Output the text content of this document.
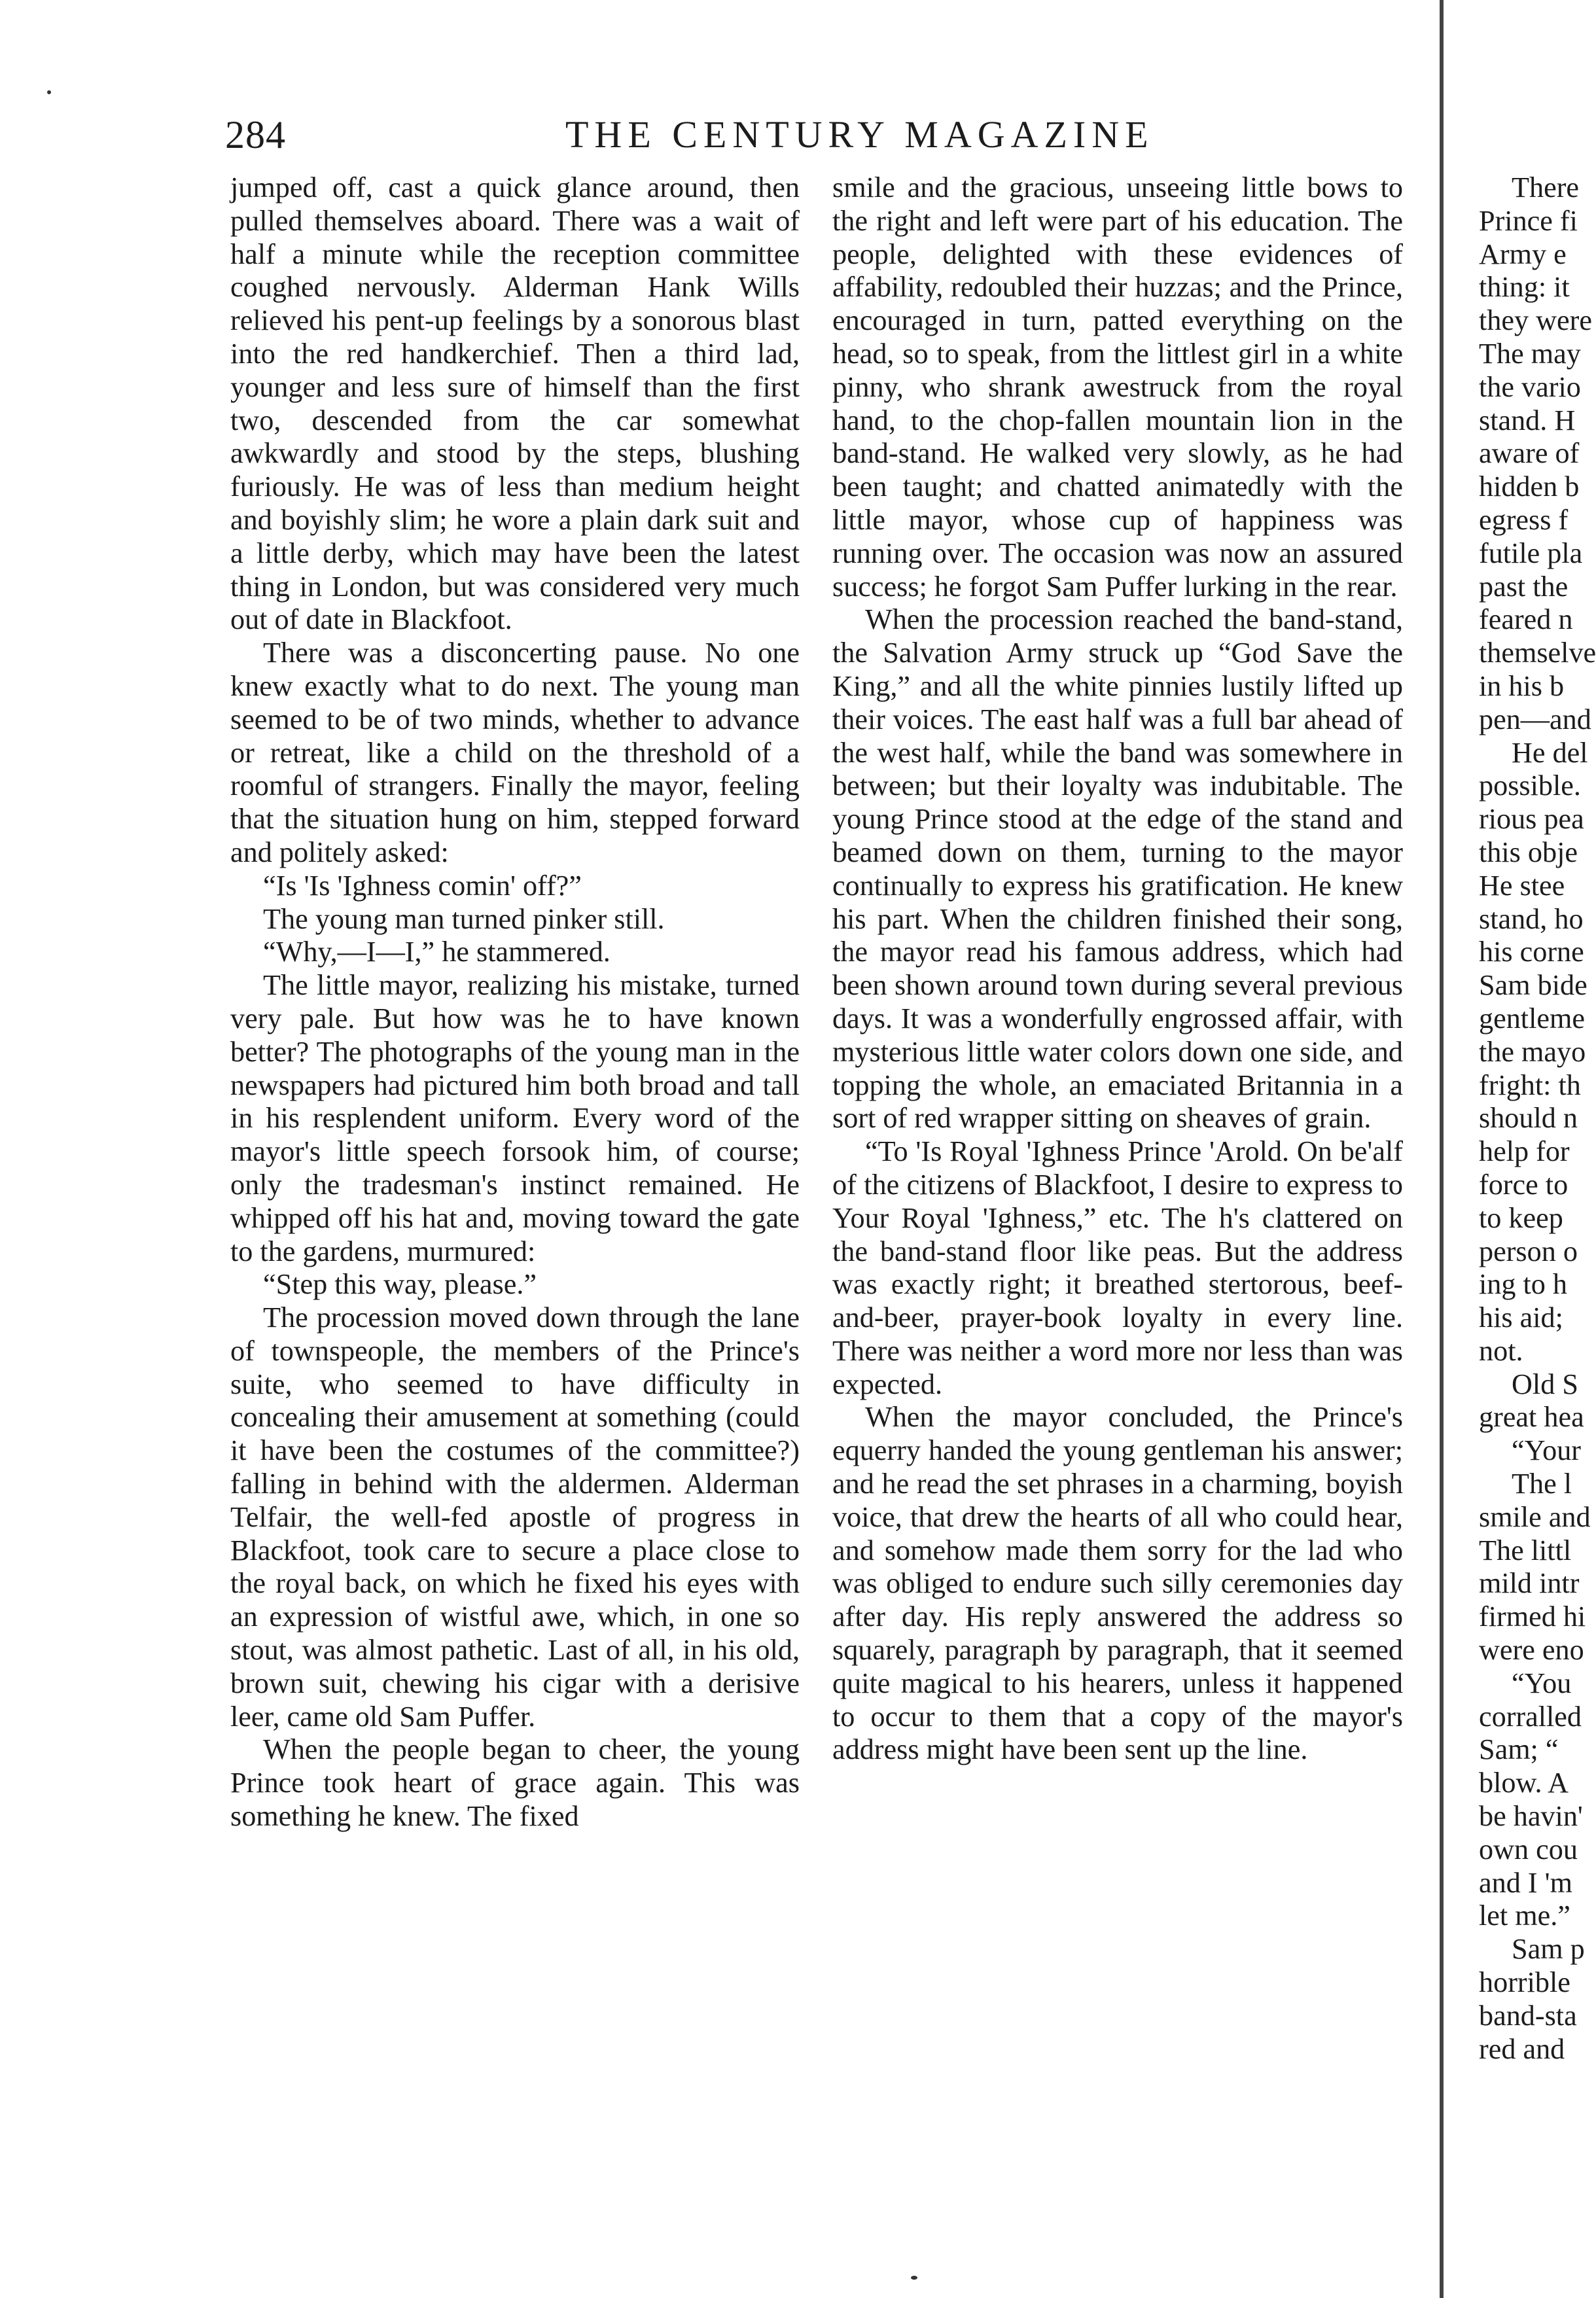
284	THE CENTURY MAGAZINE

jumped off, cast a quick glance around, then pulled themselves aboard. There was a wait of half a minute while the reception committee coughed nervously. Alderman Hank Wills relieved his pent-up feelings by a sonorous blast into the red handkerchief. Then a third lad, younger and less sure of himself than the first two, descended from the car somewhat awkwardly and stood by the steps, blushing furiously. He was of less than medium height and boyishly slim; he wore a plain dark suit and a little derby, which may have been the latest thing in London, but was considered very much out of date in Blackfoot.

There was a disconcerting pause. No one knew exactly what to do next. The young man seemed to be of two minds, whether to advance or retreat, like a child on the threshold of a roomful of strangers. Finally the mayor, feeling that the situation hung on him, stepped forward and politely asked:

“Is 'Is 'Ighness comin' off?”

The young man turned pinker still.

“Why,—I—I,” he stammered.

The little mayor, realizing his mistake, turned very pale. But how was he to have known better? The photographs of the young man in the newspapers had pictured him both broad and tall in his resplendent uniform. Every word of the mayor's little speech forsook him, of course; only the tradesman's instinct remained. He whipped off his hat and, moving toward the gate to the gardens, murmured:

“Step this way, please.”

The procession moved down through the lane of townspeople, the members of the Prince's suite, who seemed to have difficulty in concealing their amusement at something (could it have been the costumes of the committee?) falling in behind with the aldermen. Alderman Telfair, the well-fed apostle of progress in Blackfoot, took care to secure a place close to the royal back, on which he fixed his eyes with an expression of wistful awe, which, in one so stout, was almost pathetic. Last of all, in his old, brown suit, chewing his cigar with a derisive leer, came old Sam Puffer.

When the people began to cheer, the young Prince took heart of grace again. This was something he knew. The fixed

smile and the gracious, unseeing little bows to the right and left were part of his education. The people, delighted with these evidences of affability, redoubled their huzzas; and the Prince, encouraged in turn, patted everything on the head, so to speak, from the littlest girl in a white pinny, who shrank awestruck from the royal hand, to the chop-fallen mountain lion in the band-stand. He walked very slowly, as he had been taught; and chatted animatedly with the little mayor, whose cup of happiness was running over. The occasion was now an assured success; he forgot Sam Puffer lurking in the rear.

When the procession reached the band-stand, the Salvation Army struck up “God Save the King,” and all the white pinnies lustily lifted up their voices. The east half was a full bar ahead of the west half, while the band was somewhere in between; but their loyalty was indubitable. The young Prince stood at the edge of the stand and beamed down on them, turning to the mayor continually to express his gratification. He knew his part. When the children finished their song, the mayor read his famous address, which had been shown around town during several previous days. It was a wonderfully engrossed affair, with mysterious little water colors down one side, and topping the whole, an emaciated Britannia in a sort of red wrapper sitting on sheaves of grain.

“To 'Is Royal 'Ighness Prince 'Arold. On be'alf of the citizens of Blackfoot, I desire to express to Your Royal 'Ighness,” etc. The h's clattered on the band-stand floor like peas. But the address was exactly right; it breathed stertorous, beef-and-beer, prayer-book loyalty in every line. There was neither a word more nor less than was expected.

When the mayor concluded, the Prince's equerry handed the young gentleman his answer; and he read the set phrases in a charming, boyish voice, that drew the hearts of all who could hear, and somehow made them sorry for the lad who was obliged to endure such silly ceremonies day after day. His reply answered the address so squarely, paragraph by paragraph, that it seemed quite magical to his hearers, unless it happened to occur to them that a copy of the mayor's address might have been sent up the line.

There

Prince fi

Army e

thing: it

they were

The may

the vario

stand. H

aware of

hidden b

egress f

futile pla

past the

feared n

themselve

in his b

pen—and

He del

possible.

rious pea

this obje

He stee

stand, ho

his corne

Sam bide

gentleme

the mayo

fright: th

should n

help for

force to

to keep

person o

ing to h

his aid;

not.

Old S

great hea

“Your

The l

smile and

The littl

mild intr

firmed hi

were eno

“You

corralled

Sam; “

blow. A

be havin'

own cou

and I 'm

let me.”

Sam p

horrible

band-sta

red and
